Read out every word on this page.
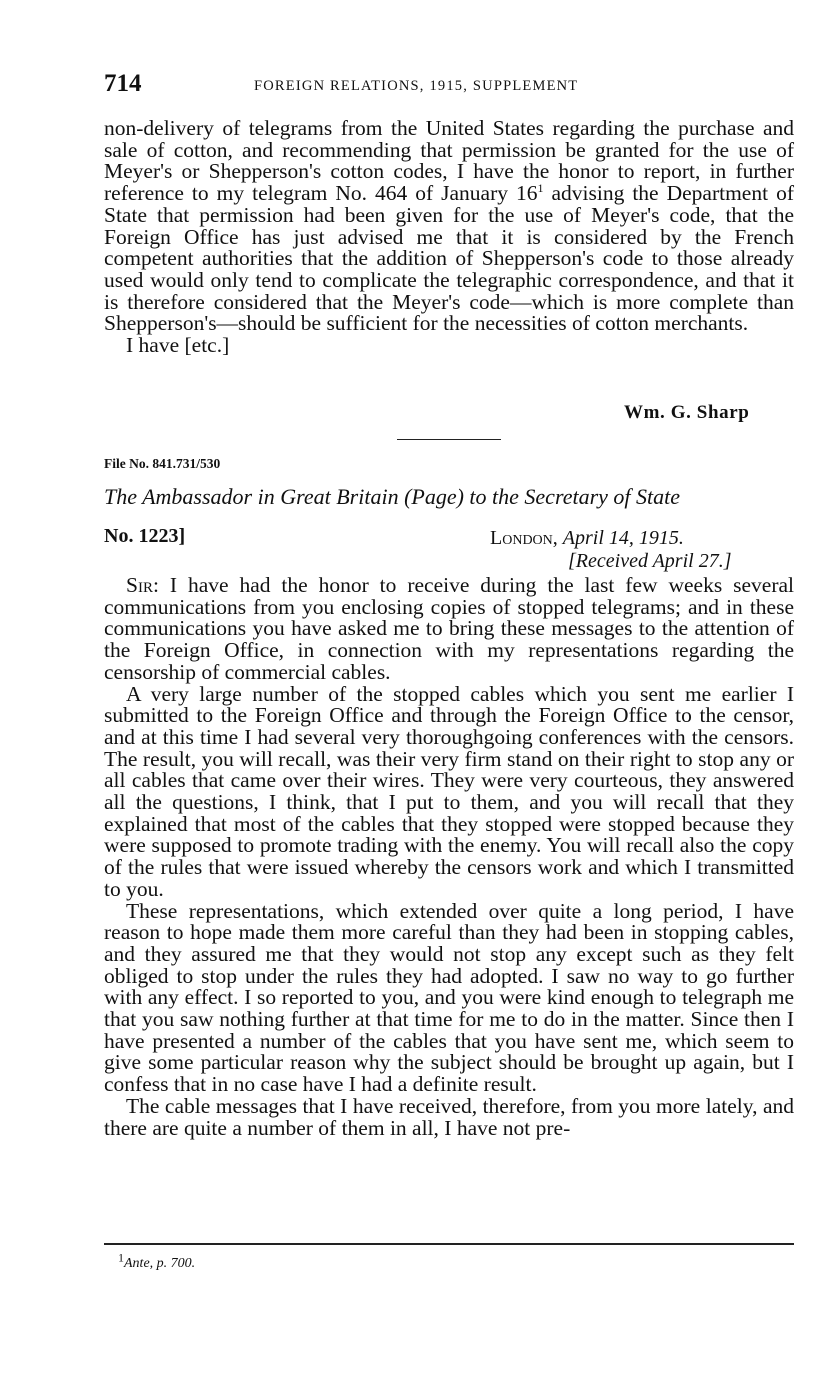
714	FOREIGN RELATIONS, 1915, SUPPLEMENT

non-delivery of telegrams from the United States regarding the purchase and sale of cotton, and recommending that permission be granted for the use of Meyer's or Shepperson's cotton codes, I have the honor to report, in further reference to my telegram No. 464 of January $16^1$ advising the Department of State that permission had been given for the use of Meyer's code, that the Foreign Office has just advised me that it is considered by the French competent authorities that the addition of Shepperson's code to those already used would only tend to complicate the telegraphic correspondence, and that it is therefore considered that the Meyer's code—which is more complete than Shepperson's—should be sufficient for the necessities of cotton merchants.

I have [etc.]
Wm. G. Sharp
File No. 841.731/530
The Ambassador in Great Britain (Page) to the Secretary of State
No. 1223]	London, April 14, 1915.
[Received April 27.]

Sir: I have had the honor to receive during the last few weeks several communications from you enclosing copies of stopped telegrams; and in these communications you have asked me to bring these messages to the attention of the Foreign Office, in connection with my representations regarding the censorship of commercial cables.

A very large number of the stopped cables which you sent me earlier I submitted to the Foreign Office and through the Foreign Office to the censor, and at this time I had several very thoroughgoing conferences with the censors. The result, you will recall, was their very firm stand on their right to stop any or all cables that came over their wires. They were very courteous, they answered all the questions, I think, that I put to them, and you will recall that they explained that most of the cables that they stopped were stopped because they were supposed to promote trading with the enemy. You will recall also the copy of the rules that were issued whereby the censors work and which I transmitted to you.

These representations, which extended over quite a long period, I have reason to hope made them more careful than they had been in stopping cables, and they assured me that they would not stop any except such as they felt obliged to stop under the rules they had adopted. I saw no way to go further with any effect. I so reported to you, and you were kind enough to telegraph me that you saw nothing further at that time for me to do in the matter. Since then I have presented a number of the cables that you have sent me, which seem to give some particular reason why the subject should be brought up again, but I confess that in no case have I had a definite result.

The cable messages that I have received, therefore, from you more lately, and there are quite a number of them in all, I have not pre-

$^1$Ante, p. 700.
